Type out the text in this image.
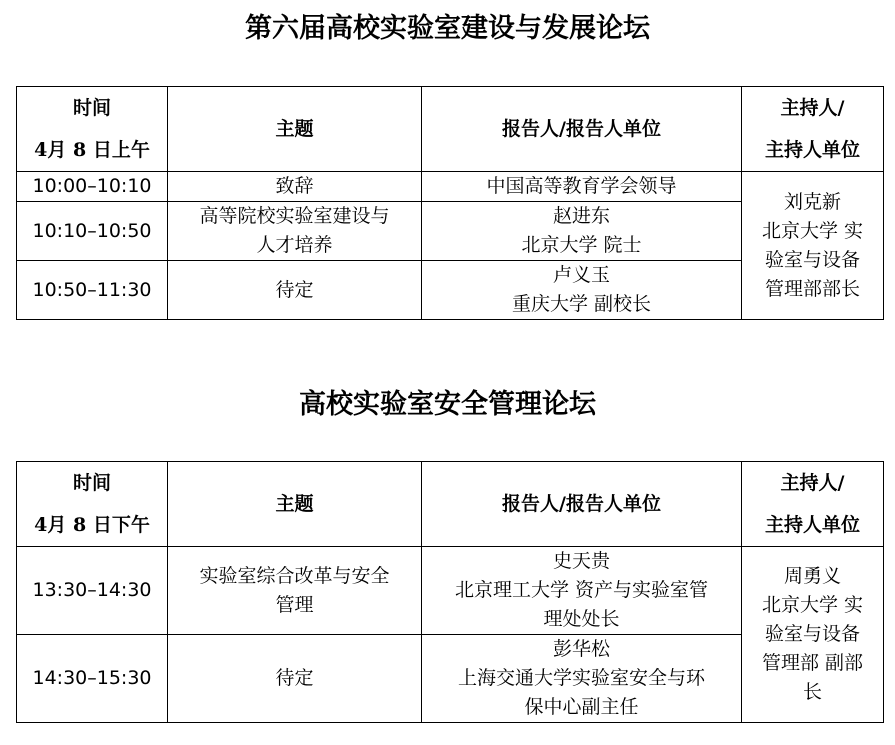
第六届高校实验室建设与发展论坛
时间
4月 8 日上午	主题	报告人/报告人单位	主持人/
主持人单位

10:00–10:10	致辞	中国高等教育学会领导	刘克新
北京大学 实
验室与设备
管理部部长

10:10–10:50	高等院校实验室建设与
人才培养	赵进东
北京大学 院士	

10:50–11:30	待定	卢义玉
重庆大学 副校长	
高校实验室安全管理论坛
时间
4月 8 日下午	主题	报告人/报告人单位	主持人/
主持人单位

13:30–14:30	实验室综合改革与安全
管理	史天贵
北京理工大学 资产与实验室管
理处处长	周勇义
北京大学 实
验室与设备
管理部 副部
长

14:30–15:30	待定	彭华松
上海交通大学实验室安全与环
保中心副主任	
